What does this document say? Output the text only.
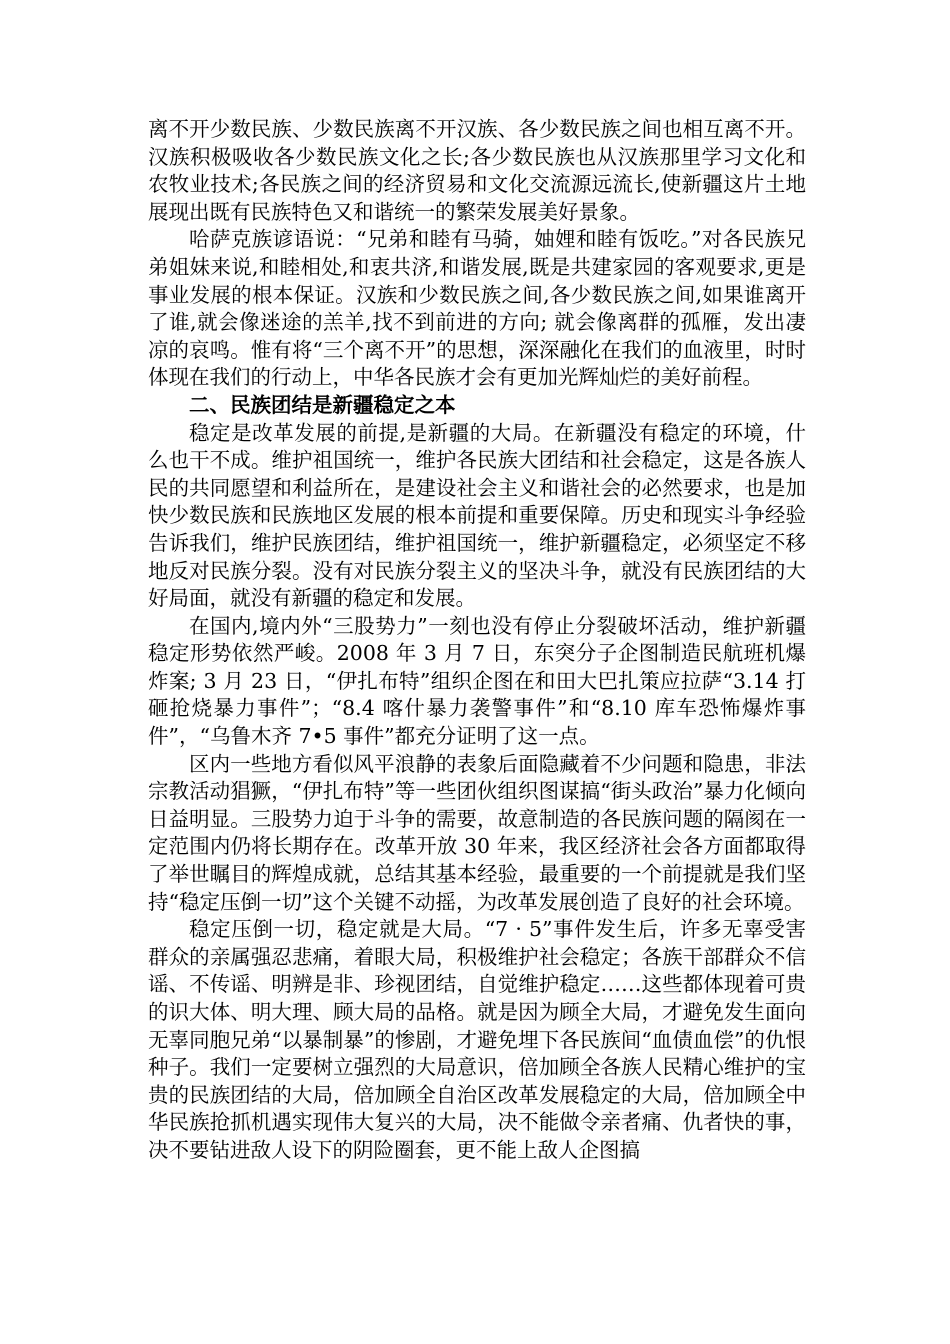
离不开少数民族、少数民族离不开汉族、各少数民族之间也相互离不开。汉族积极吸收各少数民族文化之长;各少数民族也从汉族那里学习文化和农牧业技术;各民族之间的经济贸易和文化交流源远流长,使新疆这片土地展现出既有民族特色又和谐统一的繁荣发展美好景象。

哈萨克族谚语说：“兄弟和睦有马骑，妯娌和睦有饭吃。”对各民族兄弟姐妹来说,和睦相处,和衷共济,和谐发展,既是共建家园的客观要求,更是事业发展的根本保证。汉族和少数民族之间,各少数民族之间,如果谁离开了谁,就会像迷途的羔羊,找不到前进的方向; 就会像离群的孤雁，发出凄凉的哀鸣。惟有将“三个离不开”的思想，深深融化在我们的血液里，时时体现在我们的行动上，中华各民族才会有更加光辉灿烂的美好前程。

二、民族团结是新疆稳定之本

稳定是改革发展的前提,是新疆的大局。在新疆没有稳定的环境，什么也干不成。维护祖国统一，维护各民族大团结和社会稳定，这是各族人民的共同愿望和利益所在，是建设社会主义和谐社会的必然要求，也是加快少数民族和民族地区发展的根本前提和重要保障。历史和现实斗争经验告诉我们，维护民族团结，维护祖国统一，维护新疆稳定，必须坚定不移地反对民族分裂。没有对民族分裂主义的坚决斗争，就没有民族团结的大好局面，就没有新疆的稳定和发展。

在国内,境内外“三股势力”一刻也没有停止分裂破坏活动，维护新疆稳定形势依然严峻。2008 年 3 月 7 日，东突分子企图制造民航班机爆炸案; 3 月 23 日，“伊扎布特”组织企图在和田大巴扎策应拉萨“3.14 打砸抢烧暴力事件”；“8.4 喀什暴力袭警事件”和“8.10 库车恐怖爆炸事件”，“乌鲁木齐 7•5 事件”都充分证明了这一点。

区内一些地方看似风平浪静的表象后面隐藏着不少问题和隐患，非法宗教活动猖獗，“伊扎布特”等一些团伙组织图谋搞“街头政治”暴力化倾向日益明显。三股势力迫于斗争的需要，故意制造的各民族问题的隔阂在一定范围内仍将长期存在。改革开放 30 年来，我区经济社会各方面都取得了举世瞩目的辉煌成就，总结其基本经验，最重要的一个前提就是我们坚持“稳定压倒一切”这个关键不动摇，为改革发展创造了良好的社会环境。

稳定压倒一切，稳定就是大局。“7 · 5”事件发生后，许多无辜受害群众的亲属强忍悲痛，着眼大局，积极维护社会稳定；各族干部群众不信谣、不传谣、明辨是非、珍视团结，自觉维护稳定……这些都体现着可贵的识大体、明大理、顾大局的品格。就是因为顾全大局，才避免发生面向无辜同胞兄弟“以暴制暴”的惨剧，才避免埋下各民族间“血债血偿”的仇恨种子。我们一定要树立强烈的大局意识，倍加顾全各族人民精心维护的宝贵的民族团结的大局，倍加顾全自治区改革发展稳定的大局，倍加顾全中华民族抢抓机遇实现伟大复兴的大局，决不能做令亲者痛、仇者快的事，决不要钻进敌人设下的阴险圈套，更不能上敌人企图搞
